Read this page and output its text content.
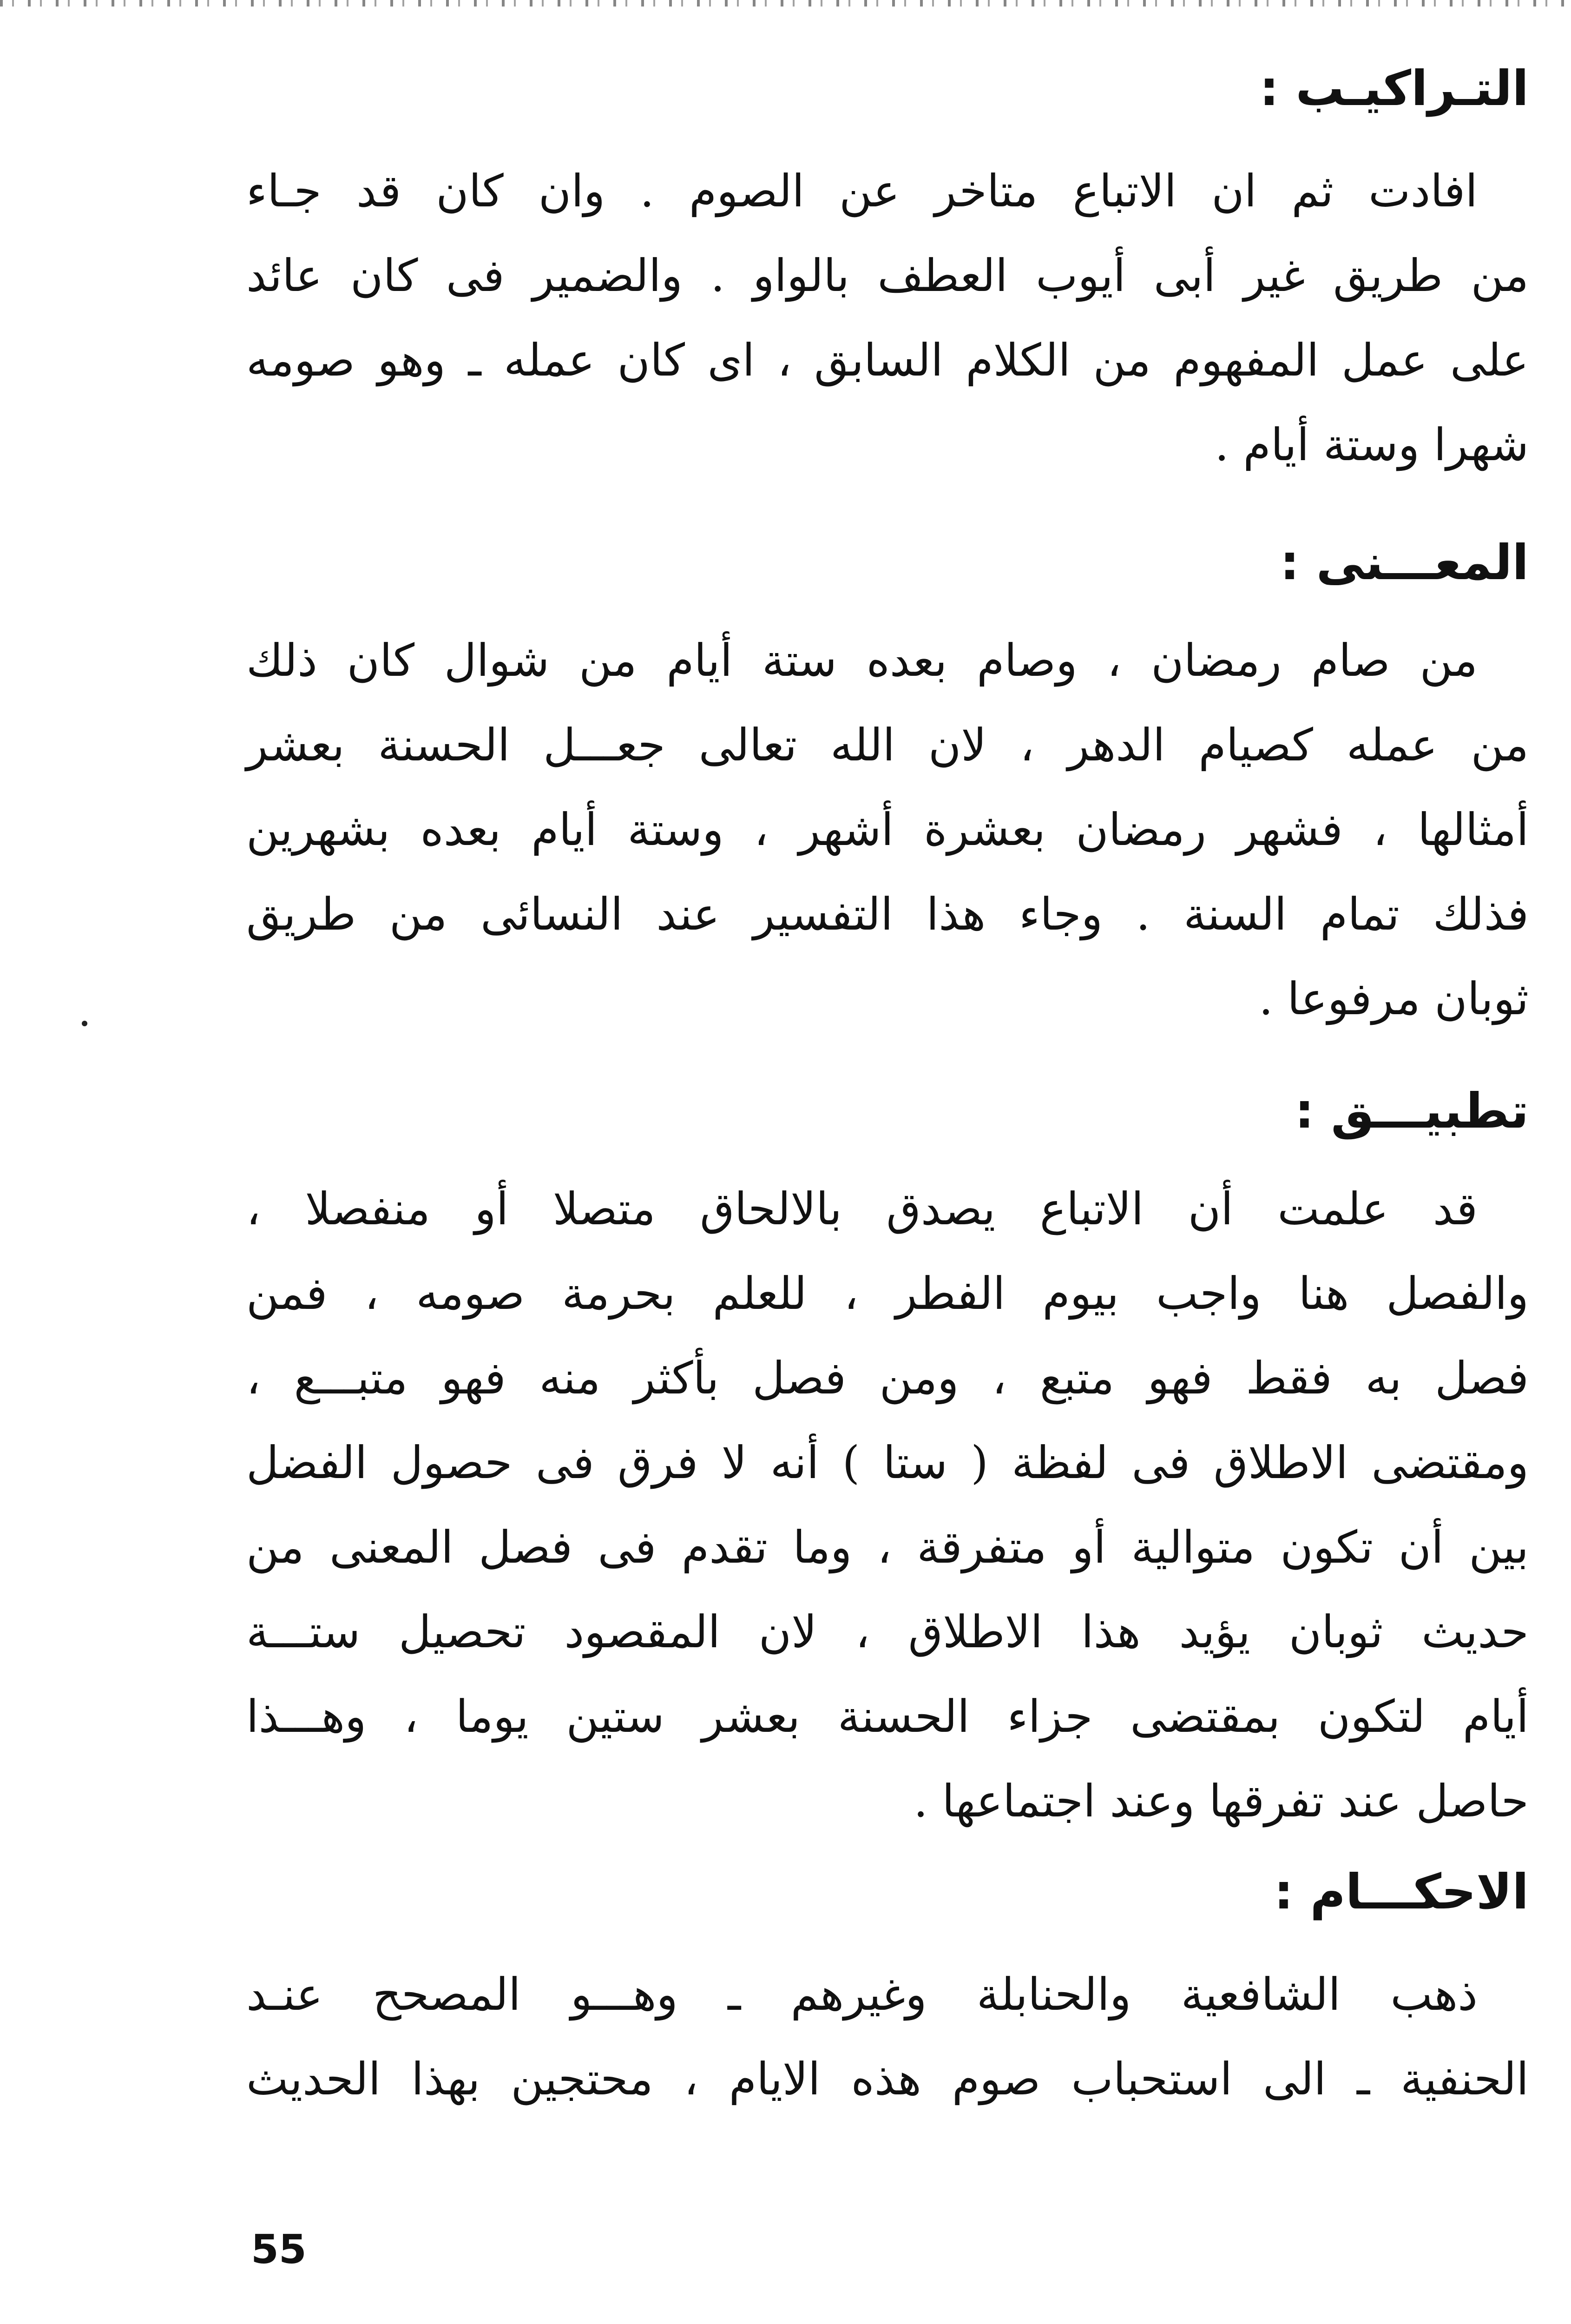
التـراكيـب :

افادت ثم ان الاتباع متاخر عن الصوم . وان كان قد جـاء
من طريق غير أبى أيوب العطف بالواو . والضمير فى كان عائد
على عمل المفهوم من الكلام السابق ، اى كان عمله ـ وهو صومه
شهرا وستة أيام .

المعـــنى :

من صام رمضان ، وصام بعده ستة أيام من شوال كان ذلك
من عمله كصيام الدهر ، لان الله تعالى جعـــل الحسنة بعشر
أمثالها ، فشهر رمضان بعشرة أشهر ، وستة أيام بعده بشهرين
فذلك تمام السنة . وجاء هذا التفسير عند النسائى من طريق
ثوبان مرفوعا .

تطبيـــق :

قد علمت أن الاتباع يصدق بالالحاق متصلا أو منفصلا ،
والفصل هنا واجب بيوم الفطر ، للعلم بحرمة صومه ، فمن
فصل به فقط فهو متبع ، ومن فصل بأكثر منه فهو متبـــع ،
ومقتضى الاطلاق فى لفظة ( ستا ) أنه لا فرق فى حصول الفضل
بين أن تكون متوالية أو متفرقة ، وما تقدم فى فصل المعنى من
حديث ثوبان يؤيد هذا الاطلاق ، لان المقصود تحصيل ستـــة
أيام لتكون بمقتضى جزاء الحسنة بعشر ستين يوما ، وهـــذا
حاصل عند تفرقها وعند اجتماعها .

الاحكـــام :

ذهب الشافعية والحنابلة وغيرهم ـ وهـــو المصحح عنـد
الحنفية ـ الى استحباب صوم هذه الايام ، محتجين بهذا الحديث

55
